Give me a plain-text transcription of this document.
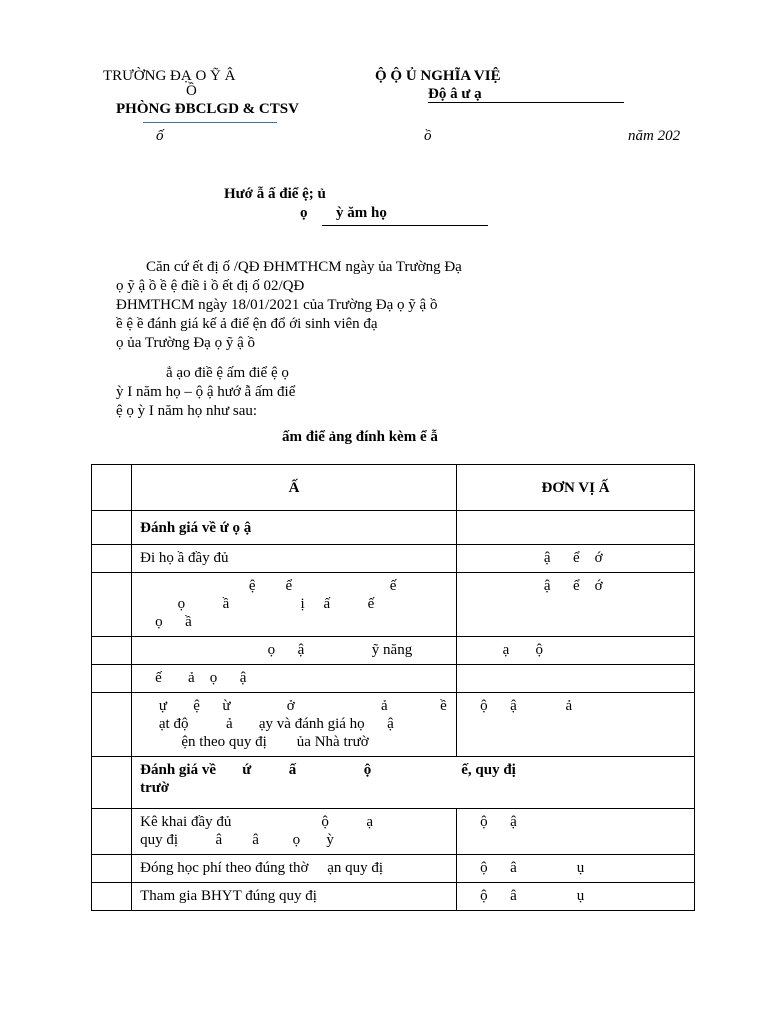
TRƯỜNG ĐẠ O Ỹ Â
Ồ
PHÒNG ĐBCLGD & CTSV
Ộ Ộ Ủ NGHĨA VIỆ
Độ â ư ạ
ố	ồ	năm 202
Hướ ẫ ấ điể ệ; ủ
ọ ỳ ăm họ
Căn cứ ết đị ố /QĐ ĐHMTHCM ngày ủa Trường Đạ
ọ ỹ ậ ồ ề ệ điề i ồ ết đị ố 02/QĐ
ĐHMTHCM ngày 18/01/2021 của Trường Đạ ọ ỹ ậ ồ
ề ệ ề đánh giá kế ả điể ện đổ ới sinh viên đạ
ọ ủa Trường Đạ ọ ỹ ậ ồ
ẳ ạo điề ệ ấm điể ệ ọ
ỳ I năm họ – ộ ậ hướ ẫ ấm điể
ệ ọ ỳ I năm họ như sau:
ấm điể ảng đính kèm ể ẫ
	Ấ	ĐƠN VỊ Ấ

	Đánh giá về ứ ọ ậ	

	Đi họ ầ đầy đủ	ậ      ể    ớ

	ệ        ể                          ế
ọ          ầ                   ị     ấ          ế
ọ      ầ	ậ      ể    ớ

	ọ      ậ                  ỹ năng	ạ       ộ

	ế       ả    ọ      ậ	

	ự       ệ      ừ               ở                       ả              ề
ạt độ          ả       ạy và đánh giá họ      ậ
ện theo quy đị        ủa Nhà trườ	ộ      ậ             ả

	Đánh giá về       ứ          ấ                  ộ                        ế, quy đị
trườ	

	Kê khai đầy đủ                        ộ          ạ
quy đị          â        â         ọ       ỳ	ộ      ậ

	Đóng học phí theo đúng thờ     ạn quy đị	ộ      â                ụ

	Tham gia BHYT đúng quy đị	ộ      â                ụ
